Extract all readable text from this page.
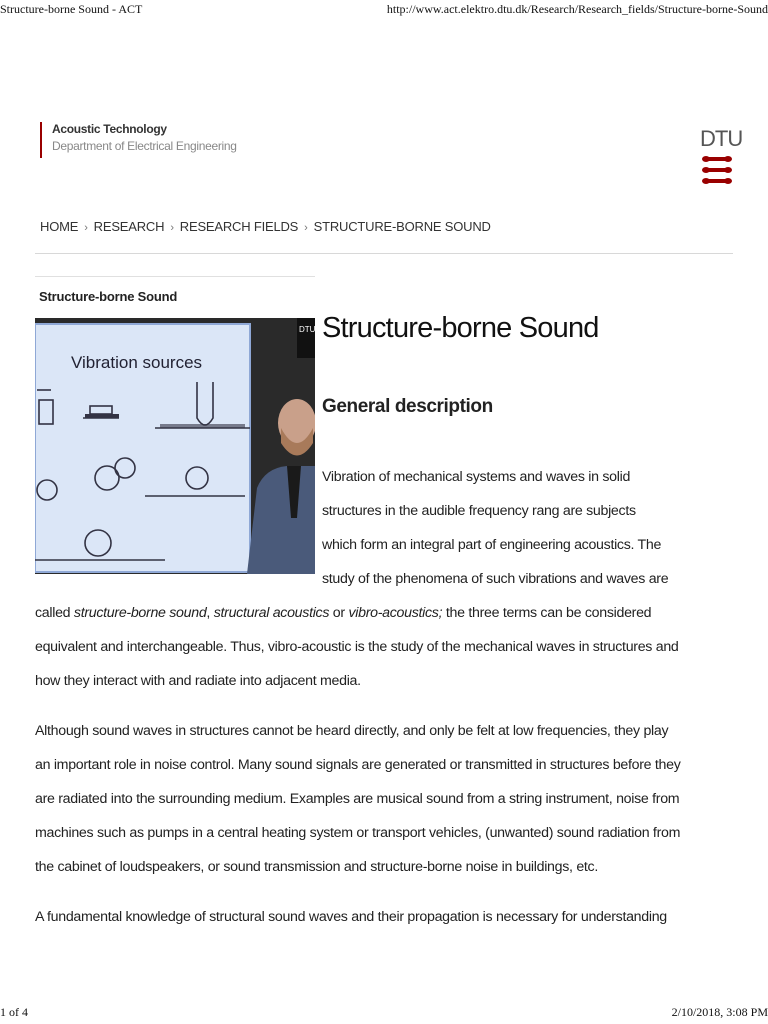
Structure-borne Sound - ACT	http://www.act.elektro.dtu.dk/Research/Research_fields/Structure-borne-Sound
Acoustic Technology
Department of Electrical Engineering	DTU
HOME › RESEARCH › RESEARCH FIELDS › STRUCTURE-BORNE SOUND
Structure-borne Sound
Vibration sources
DTU Structure-borne Sound
General description
Vibration of mechanical systems and waves in solid
structures in the audible frequency rang are subjects
which form an integral part of engineering acoustics. The
study of the phenomena of such vibrations and waves are
called structure-borne sound, structural acoustics or vibro-acoustics; the three terms can be considered
equivalent and interchangeable. Thus, vibro-acoustic is the study of the mechanical waves in structures and
how they interact with and radiate into adjacent media.
Although sound waves in structures cannot be heard directly, and only be felt at low frequencies, they play
an important role in noise control. Many sound signals are generated or transmitted in structures before they
are radiated into the surrounding medium. Examples are musical sound from a string instrument, noise from
machines such as pumps in a central heating system or transport vehicles, (unwanted) sound radiation from
the cabinet of loudspeakers, or sound transmission and structure-borne noise in buildings, etc.
A fundamental knowledge of structural sound waves and their propagation is necessary for understanding
1 of 4	2/10/2018, 3:08 PM
